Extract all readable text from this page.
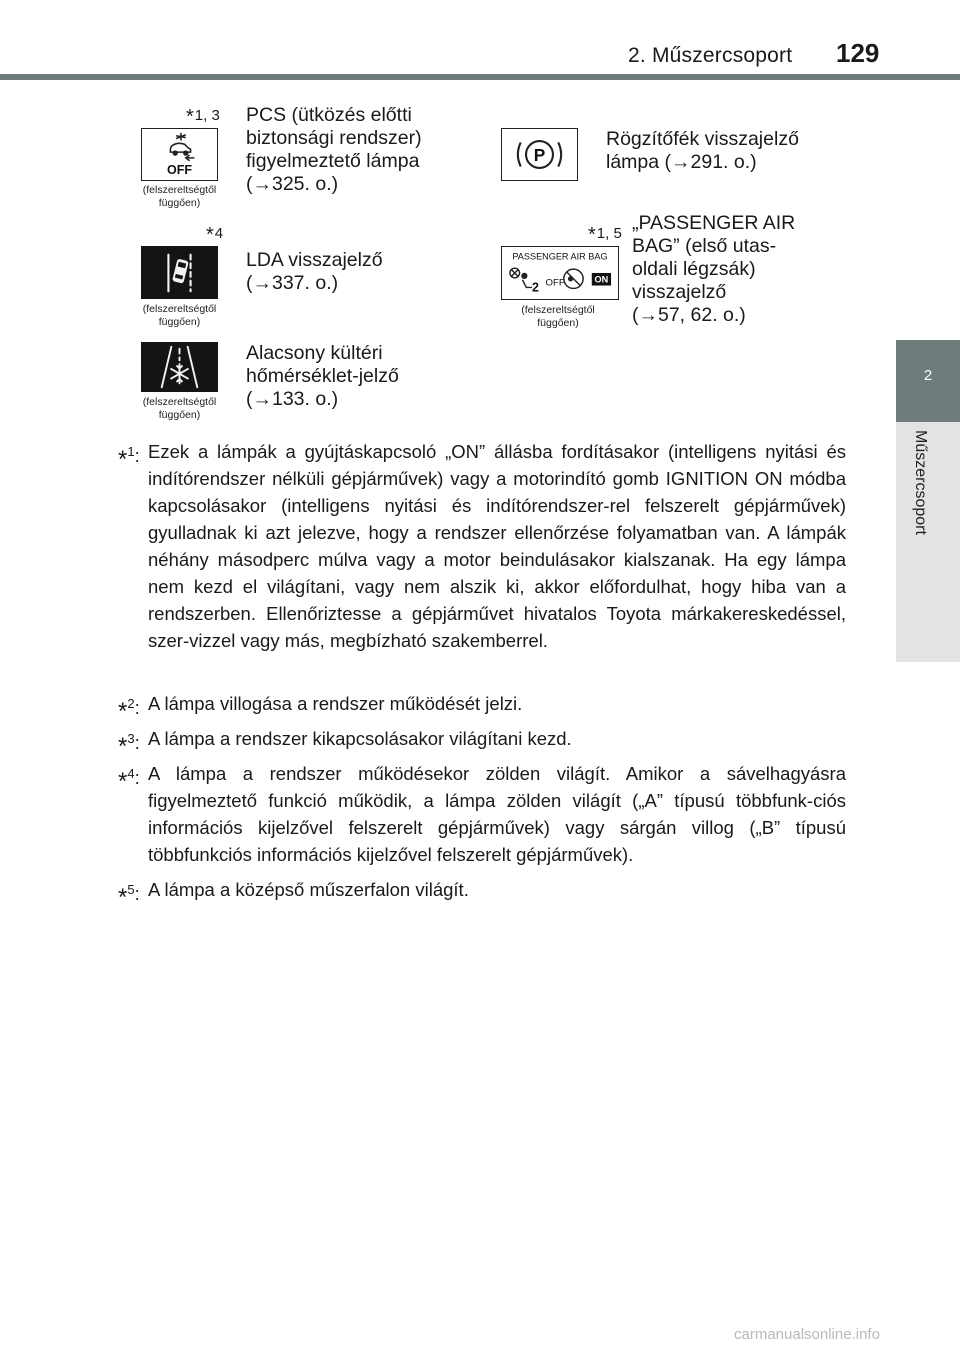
2. Műszercsoport 129
2
Műszercsoport
*1, 3
OFF
(felszereltségtől
függően)
PCS (ütközés előtti
biztonsági rendszer)
figyelmeztető lámpa
(→325. o.)
P
Rögzítőfék visszajelző
lámpa (→291. o.)
*4
(felszereltségtől
függően)
LDA visszajelző
(→337. o.)
*1, 5
PASSENGER AIR BAG
2 OFF	ON
(felszereltségtől
függően)
„PASSENGER AIR
BAG” (első utas-
oldali légzsák)
visszajelző
(→57, 62. o.)
(felszereltségtől
függően)
Alacsony kültéri
hőmérséklet-jelző
(→133. o.)
*$^1$: Ezek a lámpák a gyújtáskapcsoló „ON” állásba fordításakor (intelligens nyitási és indítórendszer nélküli gépjárművek) vagy a motorindító gomb IGNITION ON módba kapcsolásakor (intelligens nyitási és indítórendszer-rel felszerelt gépjárművek) gyulladnak ki azt jelezve, hogy a rendszer ellenőrzése folyamatban van. A lámpák néhány másodperc múlva vagy a motor beindulásakor kialszanak. Ha egy lámpa nem kezd el világítani, vagy nem alszik ki, akkor előfordulhat, hogy hiba van a rendszerben. Ellenőriztesse a gépjárművet hivatalos Toyota márkakereskedéssel, szer-vizzel vagy más, megbízható szakemberrel.
*$^2$: A lámpa villogása a rendszer működését jelzi.
*$^3$: A lámpa a rendszer kikapcsolásakor világítani kezd.
*$^4$: A lámpa a rendszer működésekor zölden világít. Amikor a sávelhagyásra figyelmeztető funkció működik, a lámpa zölden világít („A” típusú többfunk-ciós információs kijelzővel felszerelt gépjárművek) vagy sárgán villog („B” típusú többfunkciós információs kijelzővel felszerelt gépjárművek).
*$^5$: A lámpa a középső műszerfalon világít.
carmanualsonline.info
